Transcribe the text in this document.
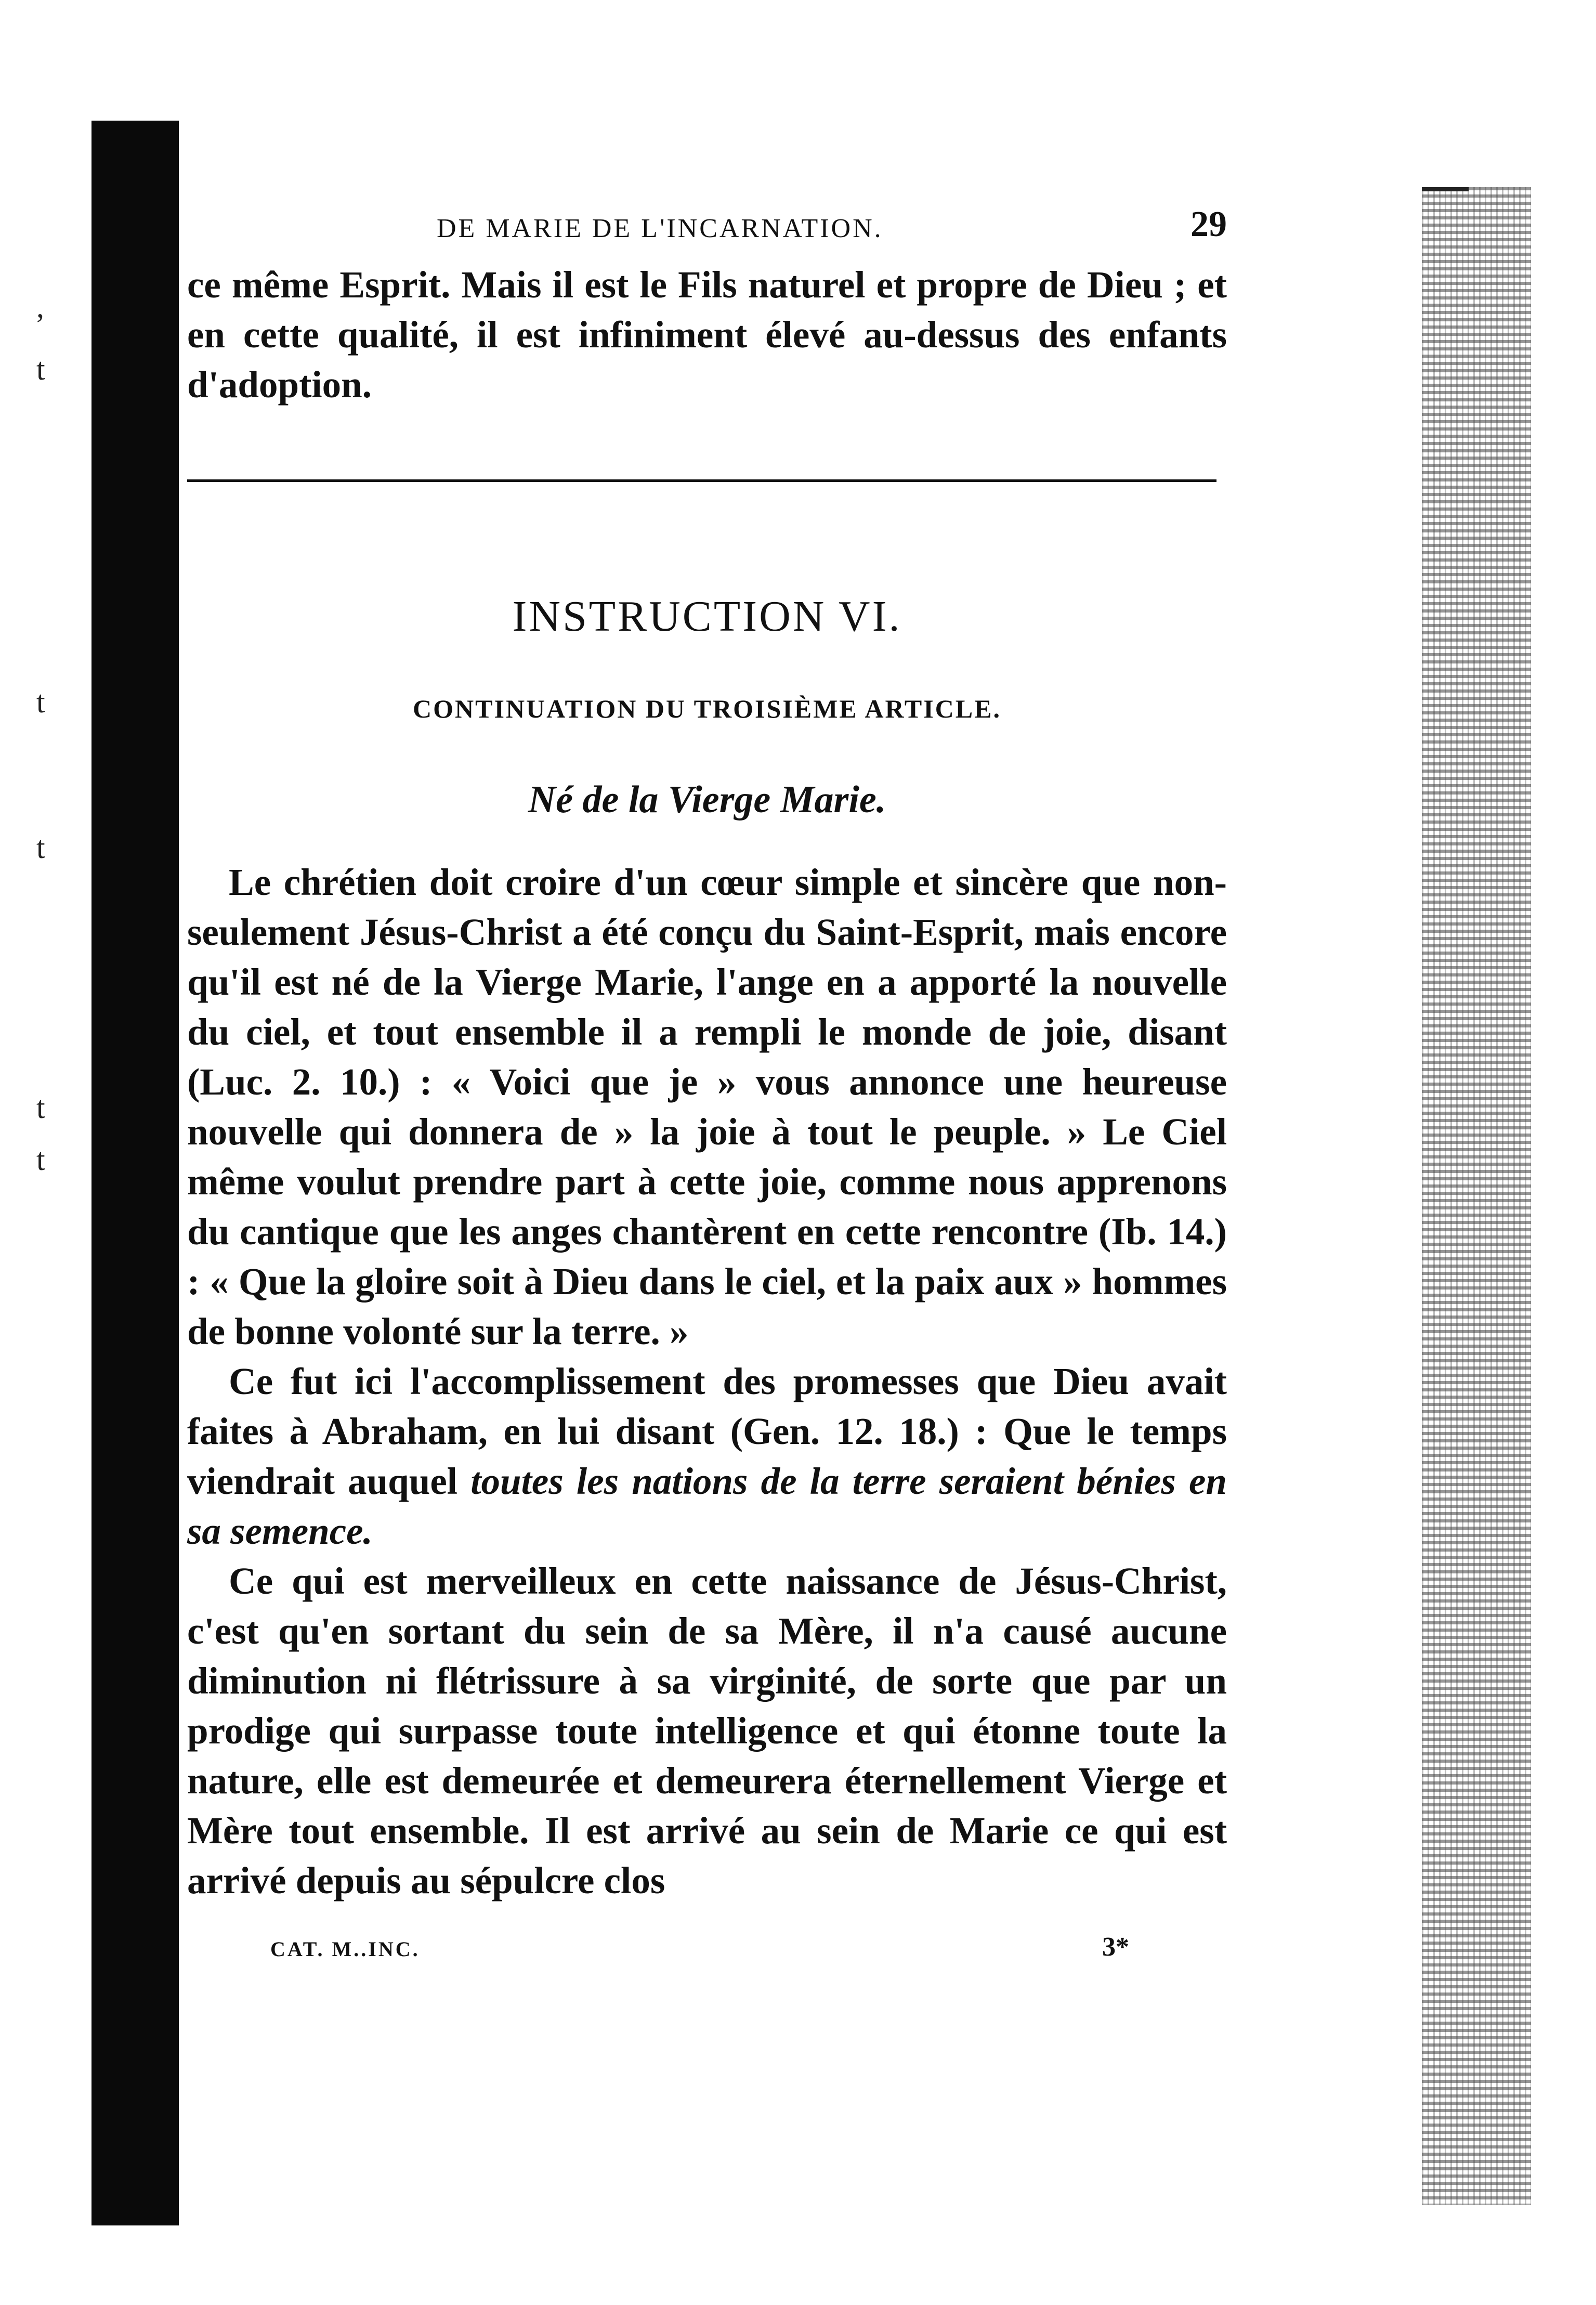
,
t
t
t
t
t
DE MARIE DE L'INCARNATION.	29

ce même Esprit. Mais il est le Fils naturel et propre de Dieu ; et en cette qualité, il est infiniment élevé au-dessus des enfants d'adoption.

INSTRUCTION VI.
CONTINUATION DU TROISIÈME ARTICLE.
Né de la Vierge Marie.

Le chrétien doit croire d'un cœur simple et sincère que non-seulement Jésus-Christ a été conçu du Saint-Esprit, mais encore qu'il est né de la Vierge Marie, l'ange en a apporté la nouvelle du ciel, et tout ensemble il a rempli le monde de joie, disant (Luc. 2. 10.) : « Voici que je » vous annonce une heureuse nouvelle qui donnera de » la joie à tout le peuple. » Le Ciel même voulut prendre part à cette joie, comme nous apprenons du cantique que les anges chantèrent en cette rencontre (Ib. 14.) : « Que la gloire soit à Dieu dans le ciel, et la paix aux » hommes de bonne volonté sur la terre. »

Ce fut ici l'accomplissement des promesses que Dieu avait faites à Abraham, en lui disant (Gen. 12. 18.) : Que le temps viendrait auquel toutes les nations de la terre seraient bénies en sa semence.

Ce qui est merveilleux en cette naissance de Jésus-Christ, c'est qu'en sortant du sein de sa Mère, il n'a causé aucune diminution ni flétrissure à sa virginité, de sorte que par un prodige qui surpasse toute intelligence et qui étonne toute la nature, elle est demeurée et demeurera éternellement Vierge et Mère tout ensemble. Il est arrivé au sein de Marie ce qui est arrivé depuis au sépulcre clos

CAT. M..INC.	3*
